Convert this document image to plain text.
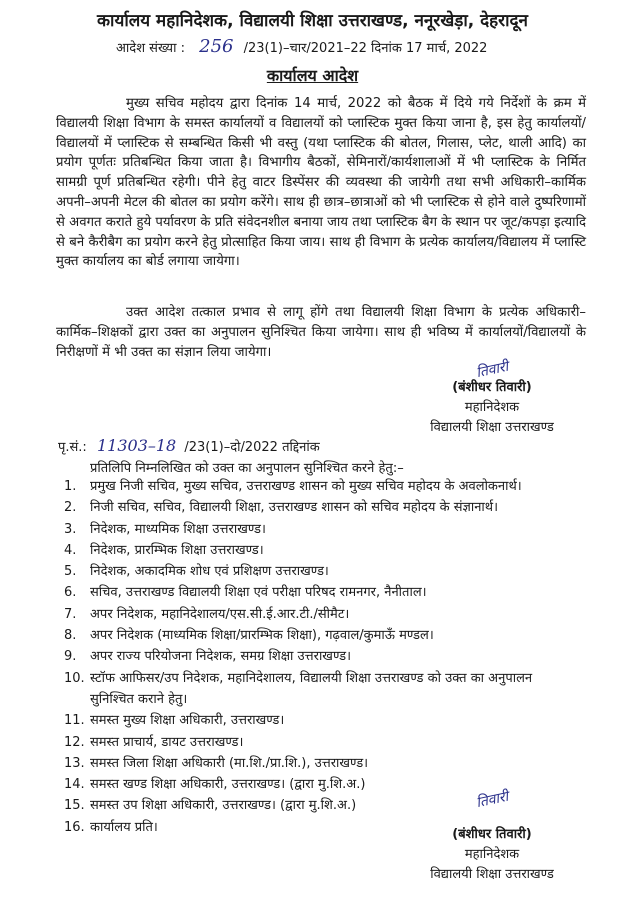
कार्यालय महानिदेशक, विद्यालयी शिक्षा उत्तराखण्ड, ननूरखेड़ा, देहरादून
आदेश संख्या : 256 /23(1)–चार/2021–22 दिनांक 17 मार्च, 2022
कार्यालय आदेश

मुख्य सचिव महोदय द्वारा दिनांक 14 मार्च, 2022 को बैठक में दिये गये निर्देशों के क्रम में विद्यालयी शिक्षा विभाग के समस्त कार्यालयों व विद्यालयों को प्लास्टिक मुक्त किया जाना है, इस हेतु कार्यालयों/विद्यालयों में प्लास्टिक से सम्बन्धित किसी भी वस्तु (यथा प्लास्टिक की बोतल, गिलास, प्लेट, थाली आदि) का प्रयोग पूर्णतः प्रतिबन्धित किया जाता है। विभागीय बैठकों, सेमिनारों/कार्यशालाओं में भी प्लास्टिक के निर्मित सामग्री पूर्ण प्रतिबन्धित रहेगी। पीने हेतु वाटर डिस्पेंसर की व्यवस्था की जायेगी तथा सभी अधिकारी–कार्मिक अपनी–अपनी मेटल की बोतल का प्रयोग करेंगे। साथ ही छात्र–छात्राओं को भी प्लास्टिक से होने वाले दुष्परिणामों से अवगत कराते हुये पर्यावरण के प्रति संवेदनशील बनाया जाय तथा प्लास्टिक बैग के स्थान पर जूट/कपड़ा इत्यादि से बने कैरीबैग का प्रयोग करने हेतु प्रोत्साहित किया जाय। साथ ही विभाग के प्रत्येक कार्यालय/विद्यालय में प्लास्टि मुक्त कार्यालय का बोर्ड लगाया जायेगा।

उक्त आदेश तत्काल प्रभाव से लागू होंगे तथा विद्यालयी शिक्षा विभाग के प्रत्येक अधिकारी–कार्मिक–शिक्षकों द्वारा उक्त का अनुपालन सुनिश्चित किया जायेगा। साथ ही भविष्य में कार्यालयों/विद्यालयों के निरीक्षणों में भी उक्त का संज्ञान लिया जायेगा।

तिवारी
(बंशीधर तिवारी)
महानिदेशक
विद्यालयी शिक्षा उत्तराखण्ड
पृ.सं.: 11303–18 /23(1)–दो/2022 तद्दिनांक
प्रतिलिपि निम्नलिखित को उक्त का अनुपालन सुनिश्चित करने हेतु:–
1. प्रमुख निजी सचिव, मुख्य सचिव, उत्तराखण्ड शासन को मुख्य सचिव महोदय के अवलोकनार्थ।
2. निजी सचिव, सचिव, विद्यालयी शिक्षा, उत्तराखण्ड शासन को सचिव महोदय के संज्ञानार्थ।
3. निदेशक, माध्यमिक शिक्षा उत्तराखण्ड।
4. निदेशक, प्रारम्भिक शिक्षा उत्तराखण्ड।
5. निदेशक, अकादमिक शोध एवं प्रशिक्षण उत्तराखण्ड।
6. सचिव, उत्तराखण्ड विद्यालयी शिक्षा एवं परीक्षा परिषद रामनगर, नैनीताल।
7. अपर निदेशक, महानिदेशालय/एस.सी.ई.आर.टी./सीमैट।
8. अपर निदेशक (माध्यमिक शिक्षा/प्रारम्भिक शिक्षा), गढ़वाल/कुमाऊँ मण्डल।
9. अपर राज्य परियोजना निदेशक, समग्र शिक्षा उत्तराखण्ड।
10. स्टॉफ आफिसर/उप निदेशक, महानिदेशालय, विद्यालयी शिक्षा उत्तराखण्ड को उक्त का अनुपालन सुनिश्चित कराने हेतु।
11. समस्त मुख्य शिक्षा अधिकारी, उत्तराखण्ड।
12. समस्त प्राचार्य, डायट उत्तराखण्ड।
13. समस्त जिला शिक्षा अधिकारी (मा.शि./प्रा.शि.), उत्तराखण्ड।
14. समस्त खण्ड शिक्षा अधिकारी, उत्तराखण्ड। (द्वारा मु.शि.अ.)
15. समस्त उप शिक्षा अधिकारी, उत्तराखण्ड। (द्वारा मु.शि.अ.)
16. कार्यालय प्रति।
तिवारी
(बंशीधर तिवारी)
महानिदेशक
विद्यालयी शिक्षा उत्तराखण्ड
